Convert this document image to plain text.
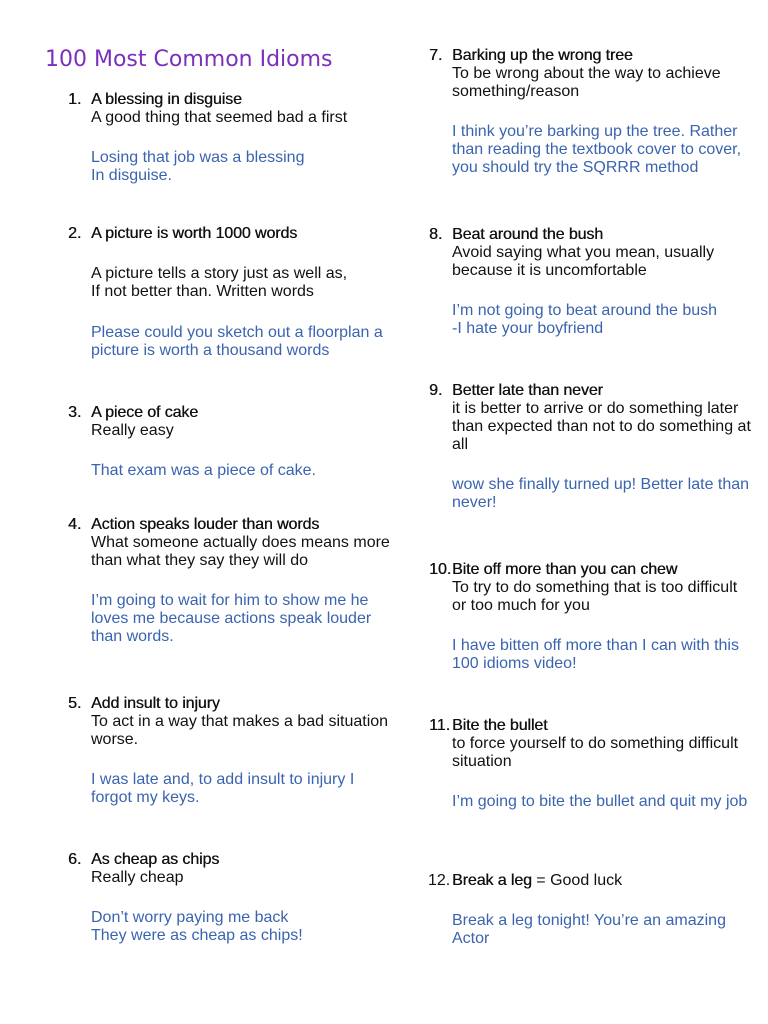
100 Most Common Idioms
1. A blessing in disguise
A good thing that seemed bad a first
Losing that job was a blessing
In disguise.
2. A picture is worth 1000 words
A picture tells a story just as well as,
If not better than. Written words
Please could you sketch out a floorplan a
picture is worth a thousand words
3. A piece of cake
Really easy
That exam was a piece of cake.
4. Action speaks louder than words
What someone actually does means more
than what they say they will do
I’m going to wait for him to show me he
loves me because actions speak louder
than words.
5. Add insult to injury
To act in a way that makes a bad situation
worse.
I was late and, to add insult to injury I
forgot my keys.
6. As cheap as chips
Really cheap
Don’t worry paying me back
They were as cheap as chips!
7. Barking up the wrong tree
To be wrong about the way to achieve
something/reason
I think you’re barking up the tree. Rather
than reading the textbook cover to cover,
you should try the SQRRR method
8. Beat around the bush
Avoid saying what you mean, usually
because it is uncomfortable
I’m not going to beat around the bush
-I hate your boyfriend
9. Better late than never
it is better to arrive or do something later
than expected than not to do something at
all
wow she finally turned up! Better late than
never!
10. Bite off more than you can chew
To try to do something that is too difficult
or too much for you
I have bitten off more than I can with this
100 idioms video!
11. Bite the bullet
to force yourself to do something difficult
situation
I’m going to bite the bullet and quit my job
12. Break a leg = Good luck
Break a leg tonight! You’re an amazing
Actor
